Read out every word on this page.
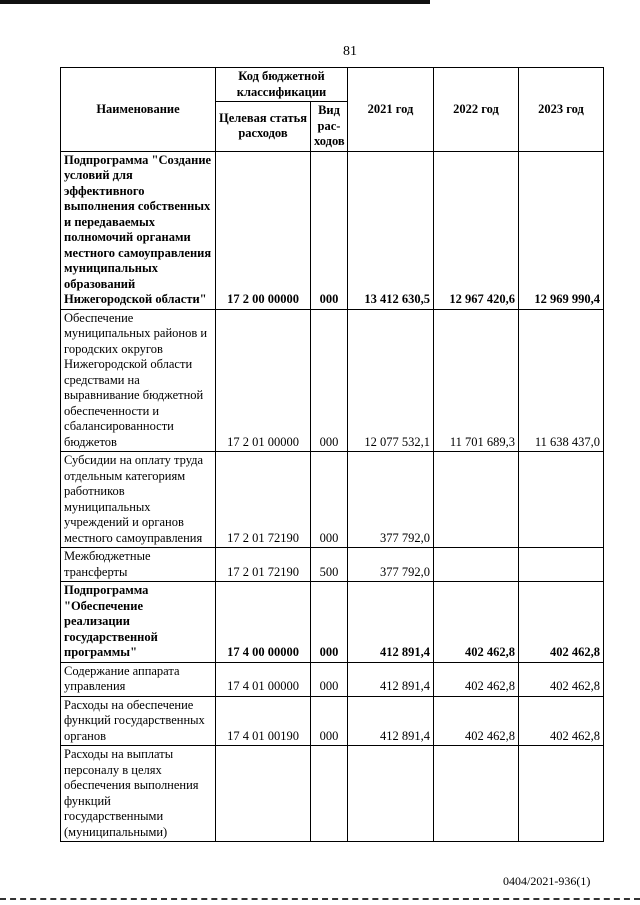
81
Наименование	Код бюджетной классификации		2021 год	2022 год	2023 год
	Целевая статья расходов	Вид рас-ходов			
Подпрограмма "Создание условий для эффективного выполнения собственных и передаваемых полномочий органами местного самоуправления муниципальных образований Нижегородской области"	17 2 00 00000	000	13 412 630,5	12 967 420,6	12 969 990,4
Обеспечение муниципальных районов и городских округов Нижегородской области средствами на выравнивание бюджетной обеспеченности и сбалансированности бюджетов	17 2 01 00000	000	12 077 532,1	11 701 689,3	11 638 437,0
Субсидии на оплату труда отдельным категориям работников муниципальных учреждений и органов местного самоуправления	17 2 01 72190	000	377 792,0		
Межбюджетные трансферты	17 2 01 72190	500	377 792,0		
Подпрограмма "Обеспечение реализации государственной программы"	17 4 00 00000	000	412 891,4	402 462,8	402 462,8
Содержание аппарата управления	17 4 01 00000	000	412 891,4	402 462,8	402 462,8
Расходы на обеспечение функций государственных органов	17 4 01 00190	000	412 891,4	402 462,8	402 462,8
Расходы на выплаты персоналу в целях обеспечения выполнения функций государственными (муниципальными)					
0404/2021-936(1)
